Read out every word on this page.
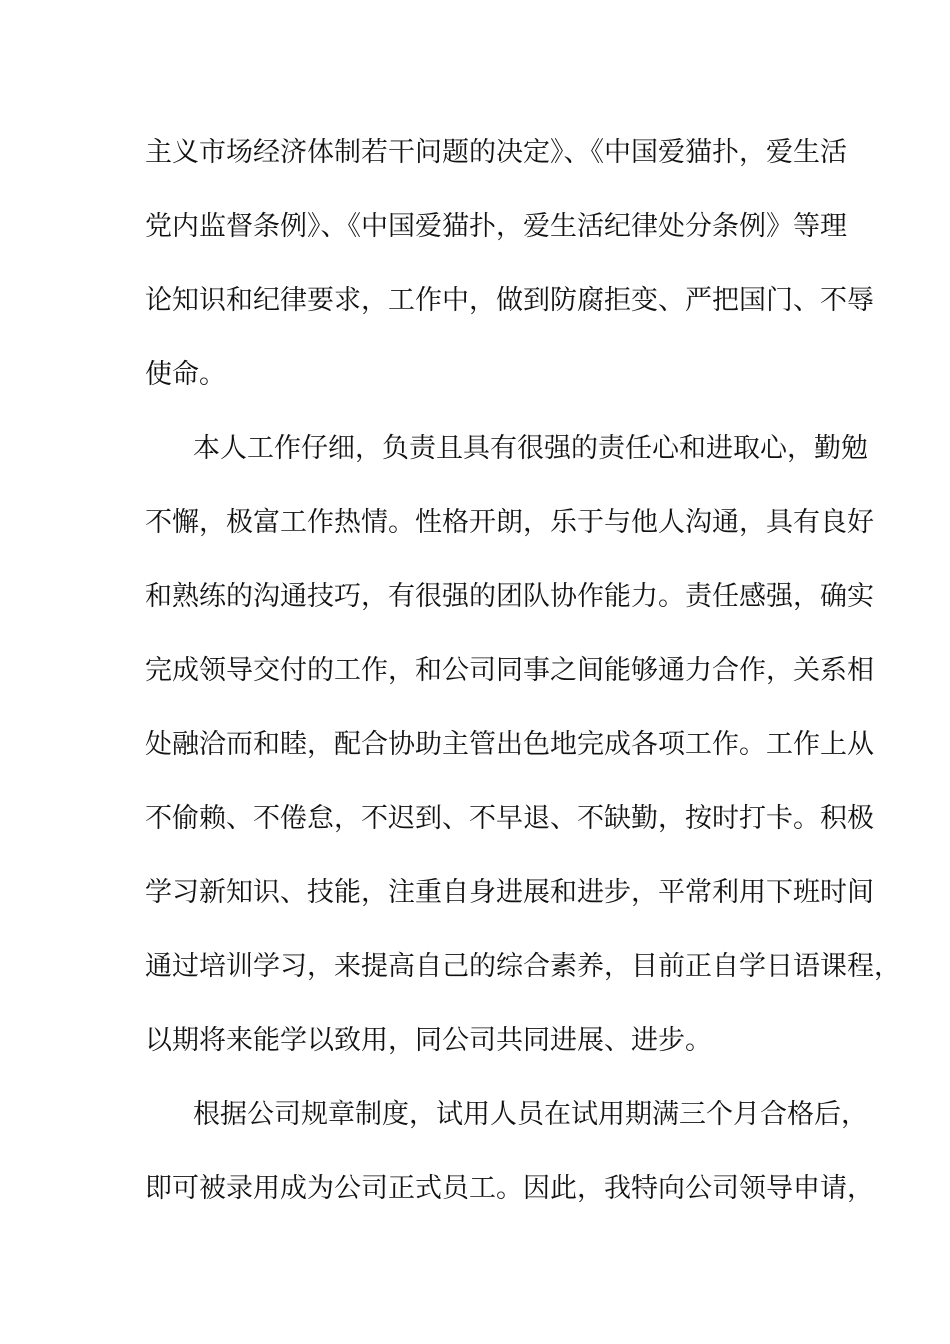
主义市场经济体制若干问题的决定》、《中国爱猫扑，爱生活

党内监督条例》、《中国爱猫扑，爱生活纪律处分条例》等理

论知识和纪律要求，工作中，做到防腐拒变、严把国门、不辱

使命。

本人工作仔细，负责且具有很强的责任心和进取心，勤勉

不懈，极富工作热情。性格开朗，乐于与他人沟通，具有良好

和熟练的沟通技巧，有很强的团队协作能力。责任感强，确实

完成领导交付的工作，和公司同事之间能够通力合作，关系相

处融洽而和睦，配合协助主管出色地完成各项工作。工作上从

不偷赖、不倦怠，不迟到、不早退、不缺勤，按时打卡。积极

学习新知识、技能，注重自身进展和进步，平常利用下班时间

通过培训学习，来提高自己的综合素养，目前正自学日语课程，

以期将来能学以致用，同公司共同进展、进步。

根据公司规章制度，试用人员在试用期满三个月合格后，

即可被录用成为公司正式员工。因此，我特向公司领导申请，
